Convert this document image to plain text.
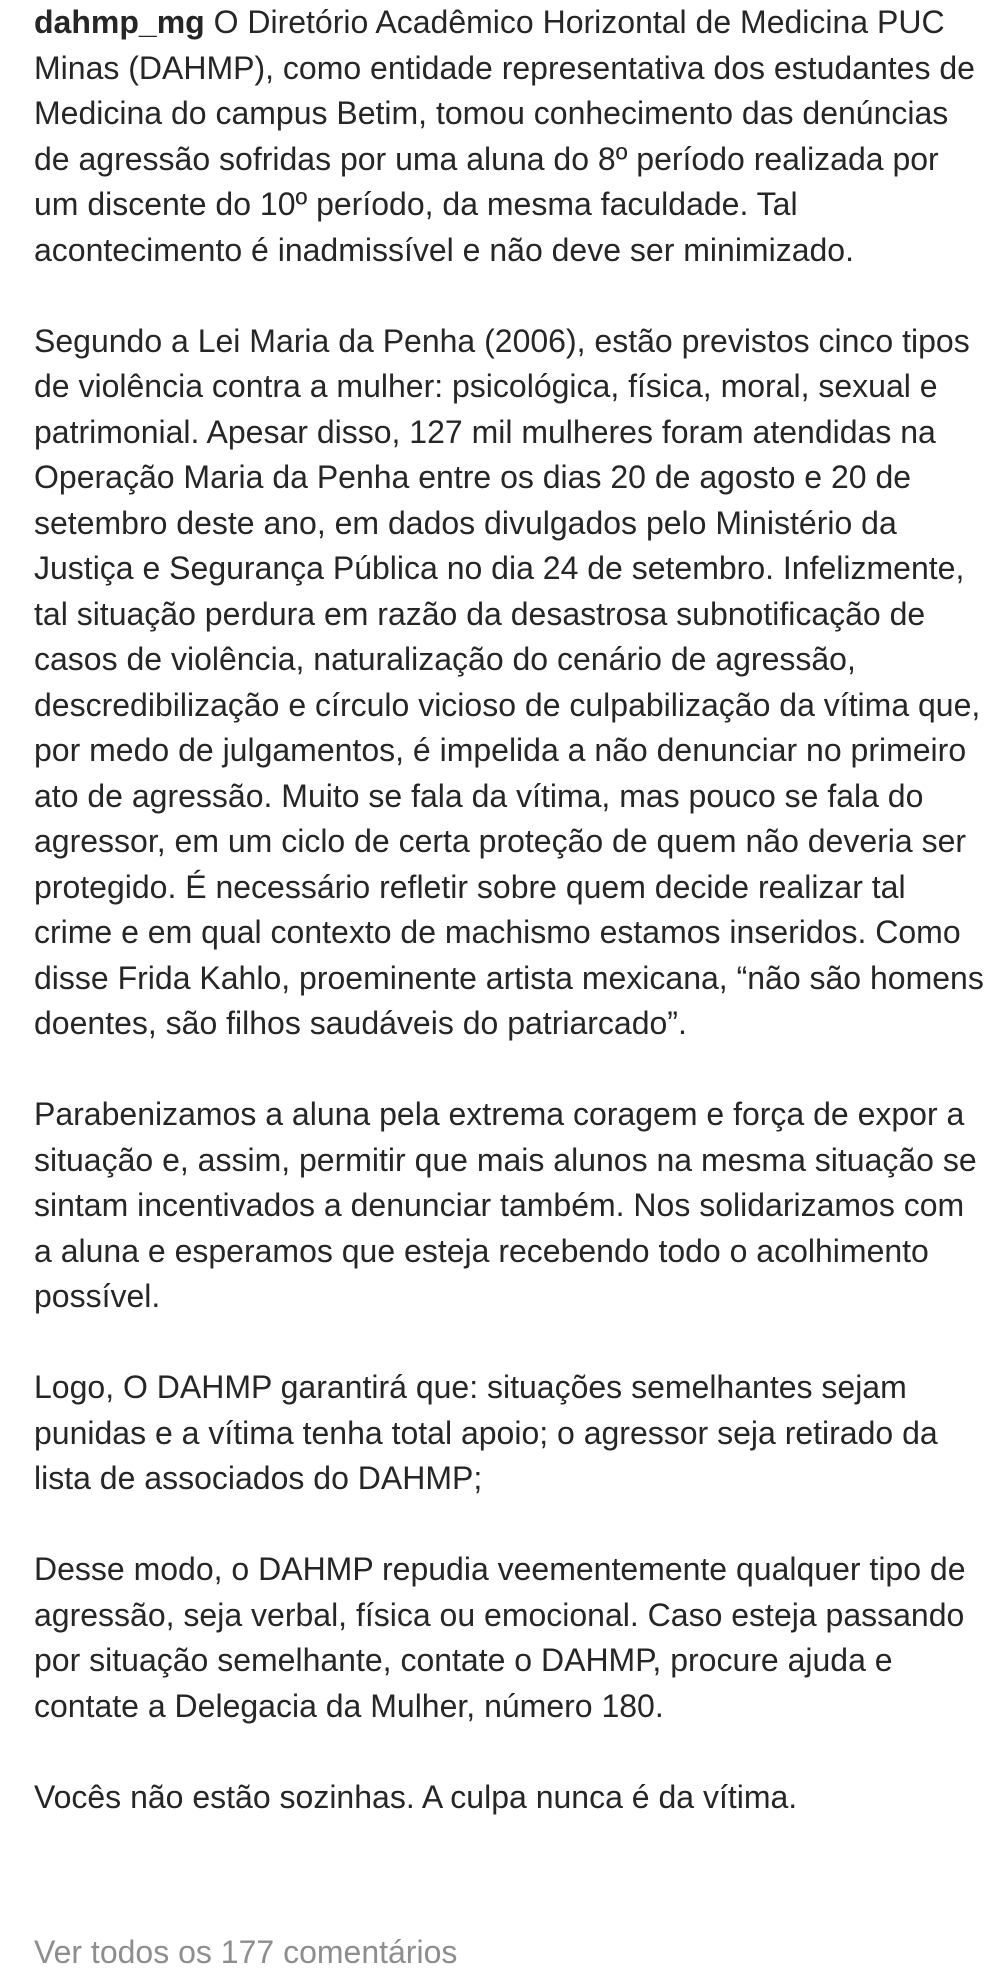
dahmp_mg O Diretório Acadêmico Horizontal de Medicina PUC Minas (DAHMP), como entidade representativa dos estudantes de Medicina do campus Betim, tomou conhecimento das denúncias de agressão sofridas por uma aluna do 8º período realizada por um discente do 10º período, da mesma faculdade. Tal acontecimento é inadmissível e não deve ser minimizado.

Segundo a Lei Maria da Penha (2006), estão previstos cinco tipos de violência contra a mulher: psicológica, física, moral, sexual e patrimonial. Apesar disso, 127 mil mulheres foram atendidas na Operação Maria da Penha entre os dias 20 de agosto e 20 de setembro deste ano, em dados divulgados pelo Ministério da Justiça e Segurança Pública no dia 24 de setembro. Infelizmente, tal situação perdura em razão da desastrosa subnotificação de casos de violência, naturalização do cenário de agressão, descredibilização e círculo vicioso de culpabilização da vítima que, por medo de julgamentos, é impelida a não denunciar no primeiro ato de agressão. Muito se fala da vítima, mas pouco se fala do agressor, em um ciclo de certa proteção de quem não deveria ser protegido. É necessário refletir sobre quem decide realizar tal crime e em qual contexto de machismo estamos inseridos. Como disse Frida Kahlo, proeminente artista mexicana, “não são homens doentes, são filhos saudáveis do patriarcado”.

Parabenizamos a aluna pela extrema coragem e força de expor a situação e, assim, permitir que mais alunos na mesma situação se sintam incentivados a denunciar também. Nos solidarizamos com a aluna e esperamos que esteja recebendo todo o acolhimento possível.

Logo, O DAHMP garantirá que: situações semelhantes sejam punidas e a vítima tenha total apoio; o agressor seja retirado da lista de associados do DAHMP;

Desse modo, o DAHMP repudia veementemente qualquer tipo de agressão, seja verbal, física ou emocional. Caso esteja passando por situação semelhante, contate o DAHMP, procure ajuda e contate a Delegacia da Mulher, número 180.

Vocês não estão sozinhas. A culpa nunca é da vítima.

Ver todos os 177 comentários
